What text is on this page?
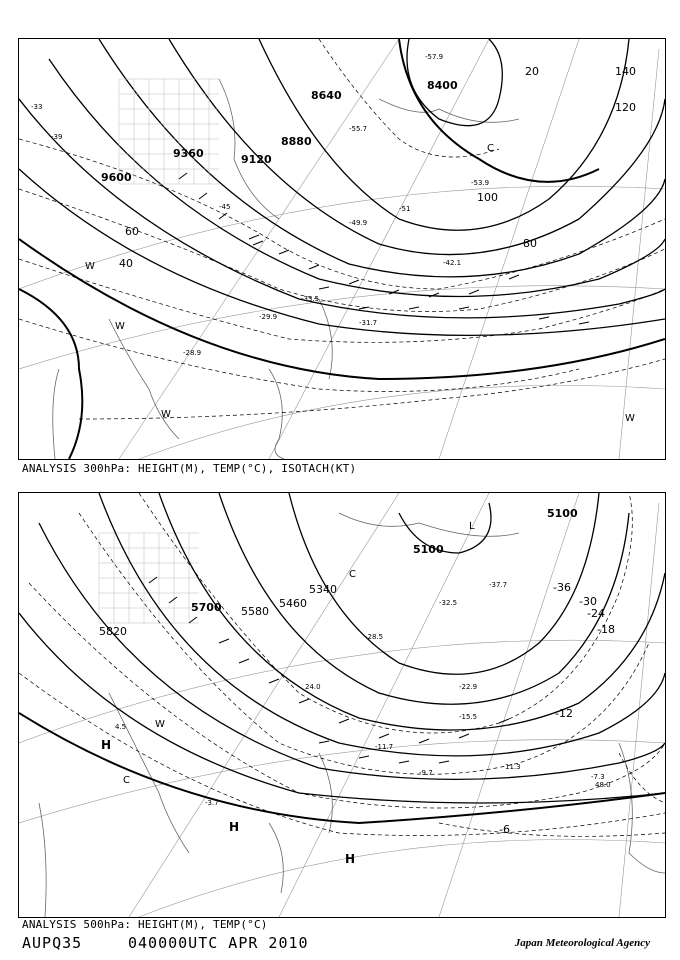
8400
8640
8880
9120
9360
9600
20
40
60
80
100
120
140
-33
-39
-45	-51
-55.7
-53.9
-49.9
-42.1
-33.5
-31.7
-29.9
-28.9
-57.9
W
W
W	W
C
ANALYSIS 300hPa: HEIGHT(M), TEMP(°C), ISOTACH(KT)
5100
5100
5340
5460
5580
5700
5820
-6
-12
-18
-24
-30
-36
-37.7
-32.5
-28.5
-22.9
-15.5
-11.7
-7.3
-3.7
4.5
11.3
-9.7
24.0
48.0
H
H
H
C
C
W
L
ANALYSIS 500hPa: HEIGHT(M), TEMP(°C)
AUPQ35	040000UTC APR 2010	Japan Meteorological Agency
